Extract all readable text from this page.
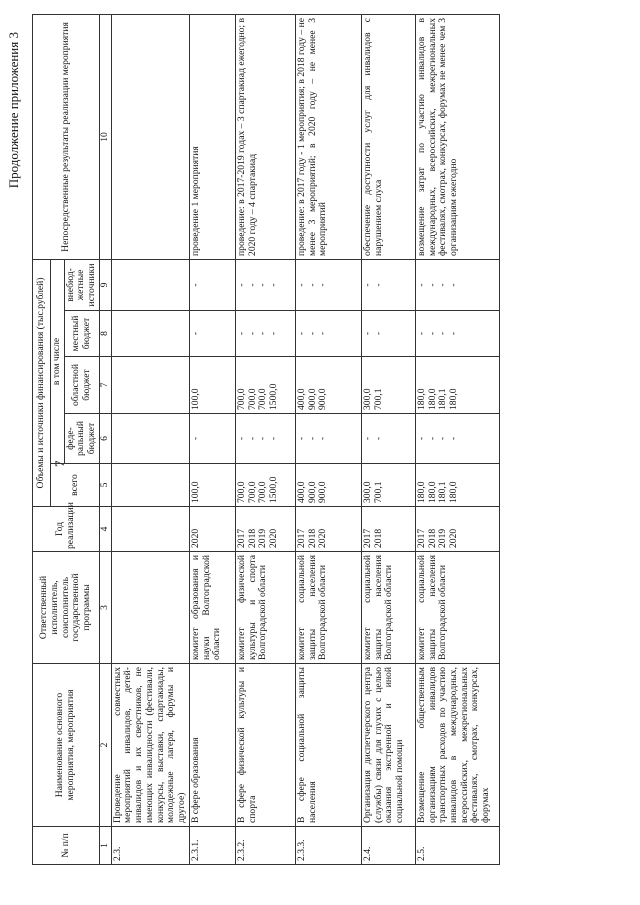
7
Продолжение приложения 3
№ п/п	Наименование основного мероприятия, мероприятия	Ответственный исполнитель, соисполнитель государственной программы	Год реализации	Объемы и источники финансирования (тыс.рублей)					Непосредственные результаты реализации мероприятия
				всего	в том числе				
					феде-ральный бюджет	областной бюджет	местный бюджет	внебюд-жетные источники	
1	2	3	4	5	6	7	8	9	10
2.3.	Проведение совместных мероприятий инвалидов, детей-инвалидов и их сверстников, не имеющих инвалидности (фестивали, конкурсы, выставки, спартакиады, молодежные лагеря, форумы и другое)								
2.3.1.	В сфере образования	комитет образования и науки Волгоградской области	2020	100,0	-	100,0	-	-	проведение 1 мероприятия
2.3.2.	В сфере физической культуры и спорта	комитет физической культуры и спорта Волгоградской области	2017 2018 2019 2020	700,0 700,0 700,0 1500,0	- - - -	700,0 700,0 700,0 1500,0	- - - -	- - - -	проведение: в 2017-2019 годах – 3 спартакиад ежегодно; в 2020 году – 4 спартакиад
2.3.3.	В сфере социальной защиты населения	комитет социальной защиты населения Волгоградской области	2017 2018 2020	400,0 900,0 900,0	- - -	400,0 900,0 900,0	- - -	- - -	проведение: в 2017 году - 1 мероприятия; в 2018 году – не менее 3 мероприятий; в 2020 году – не менее 3 мероприятий
2.4.	Организация диспетчерского центра (службы) связи для глухих с целью оказания экстренной и иной социальной помощи	комитет социальной защиты населения Волгоградской области	2017 2018	300,0 700,1	- -	300,0 700,1	- -	- -	обеспечение доступности услуг для инвалидов с нарушением слуха
2.5.	Возмещение общественным организациям инвалидов транспортных расходов по участию инвалидов в международных, всероссийских, межрегиональных фестивалях, смотрах, конкурсах, форумах	комитет социальной защиты населения Волгоградской области	2017 2018 2019 2020	180,0 180,0 180,1 180,0	- - - -	180,0 180,0 180,1 180,0	- - - -	- - - -	возмещение затрат по участию инвалидов в международных, всероссийских, межрегиональных фестивалях, смотрах, конкурсах, форумах не менее чем 3 организациям ежегодно
